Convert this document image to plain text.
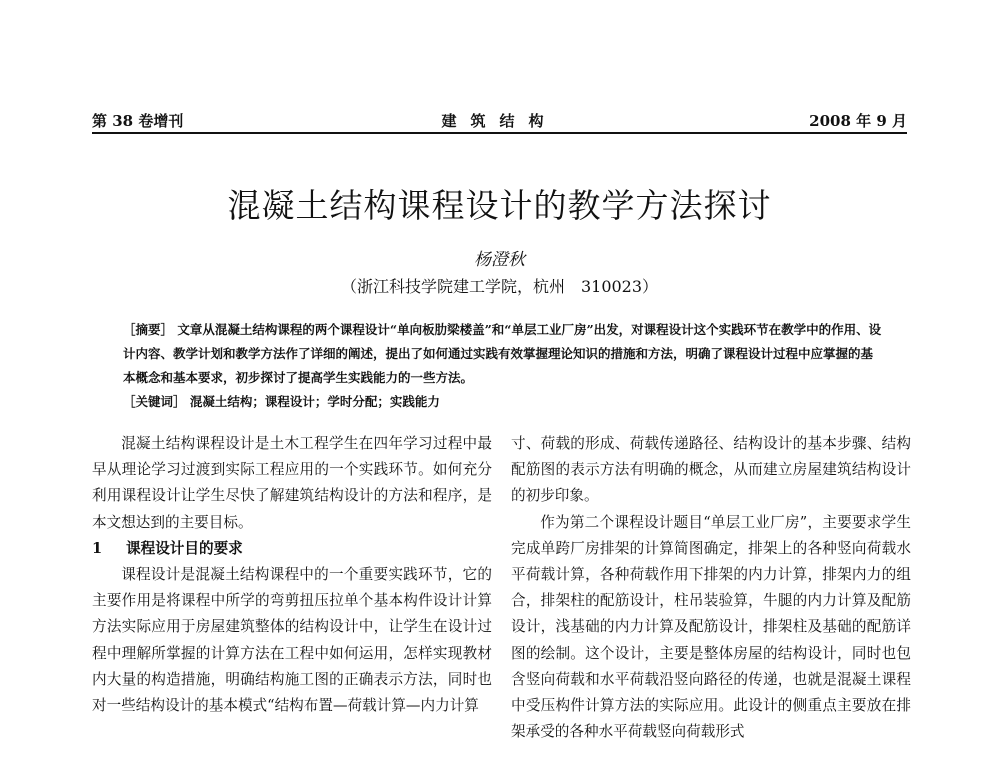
第 38 卷增刊	建筑结构	2008 年 9 月
混凝土结构课程设计的教学方法探讨
杨澄秋
（浙江科技学院建工学院，杭州　310023）

［摘要］ 文章从混凝土结构课程的两个课程设计“单向板肋梁楼盖”和“单层工业厂房”出发，对课程设计这个实践环节在教学中的作用、设计内容、教学计划和教学方法作了详细的阐述，提出了如何通过实践有效掌握理论知识的措施和方法，明确了课程设计过程中应掌握的基本概念和基本要求，初步探讨了提高学生实践能力的一些方法。

［关键词］ 混凝土结构；课程设计；学时分配；实践能力

混凝土结构课程设计是土木工程学生在四年学习过程中最早从理论学习过渡到实际工程应用的一个实践环节。如何充分利用课程设计让学生尽快了解建筑结构设计的方法和程序，是本文想达到的主要目标。

1 课程设计目的要求

课程设计是混凝土结构课程中的一个重要实践环节，它的主要作用是将课程中所学的弯剪扭压拉单个基本构件设计计算方法实际应用于房屋建筑整体的结构设计中，让学生在设计过程中理解所掌握的计算方法在工程中如何运用，怎样实现教材内大量的构造措施，明确结构施工图的正确表示方法，同时也对一些结构设计的基本模式“结构布置—荷载计算—内力计算

寸、荷载的形成、荷载传递路径、结构设计的基本步骤、结构配筋图的表示方法有明确的概念，从而建立房屋建筑结构设计的初步印象。

作为第二个课程设计题目“单层工业厂房”，主要要求学生完成单跨厂房排架的计算简图确定，排架上的各种竖向荷载水平荷载计算，各种荷载作用下排架的内力计算，排架内力的组合，排架柱的配筋设计，柱吊装验算，牛腿的内力计算及配筋设计，浅基础的内力计算及配筋设计，排架柱及基础的配筋详图的绘制。这个设计，主要是整体房屋的结构设计，同时也包含竖向荷载和水平荷载沿竖向路径的传递，也就是混凝土课程中受压构件计算方法的实际应用。此设计的侧重点主要放在排架承受的各种水平荷载竖向荷载形式
